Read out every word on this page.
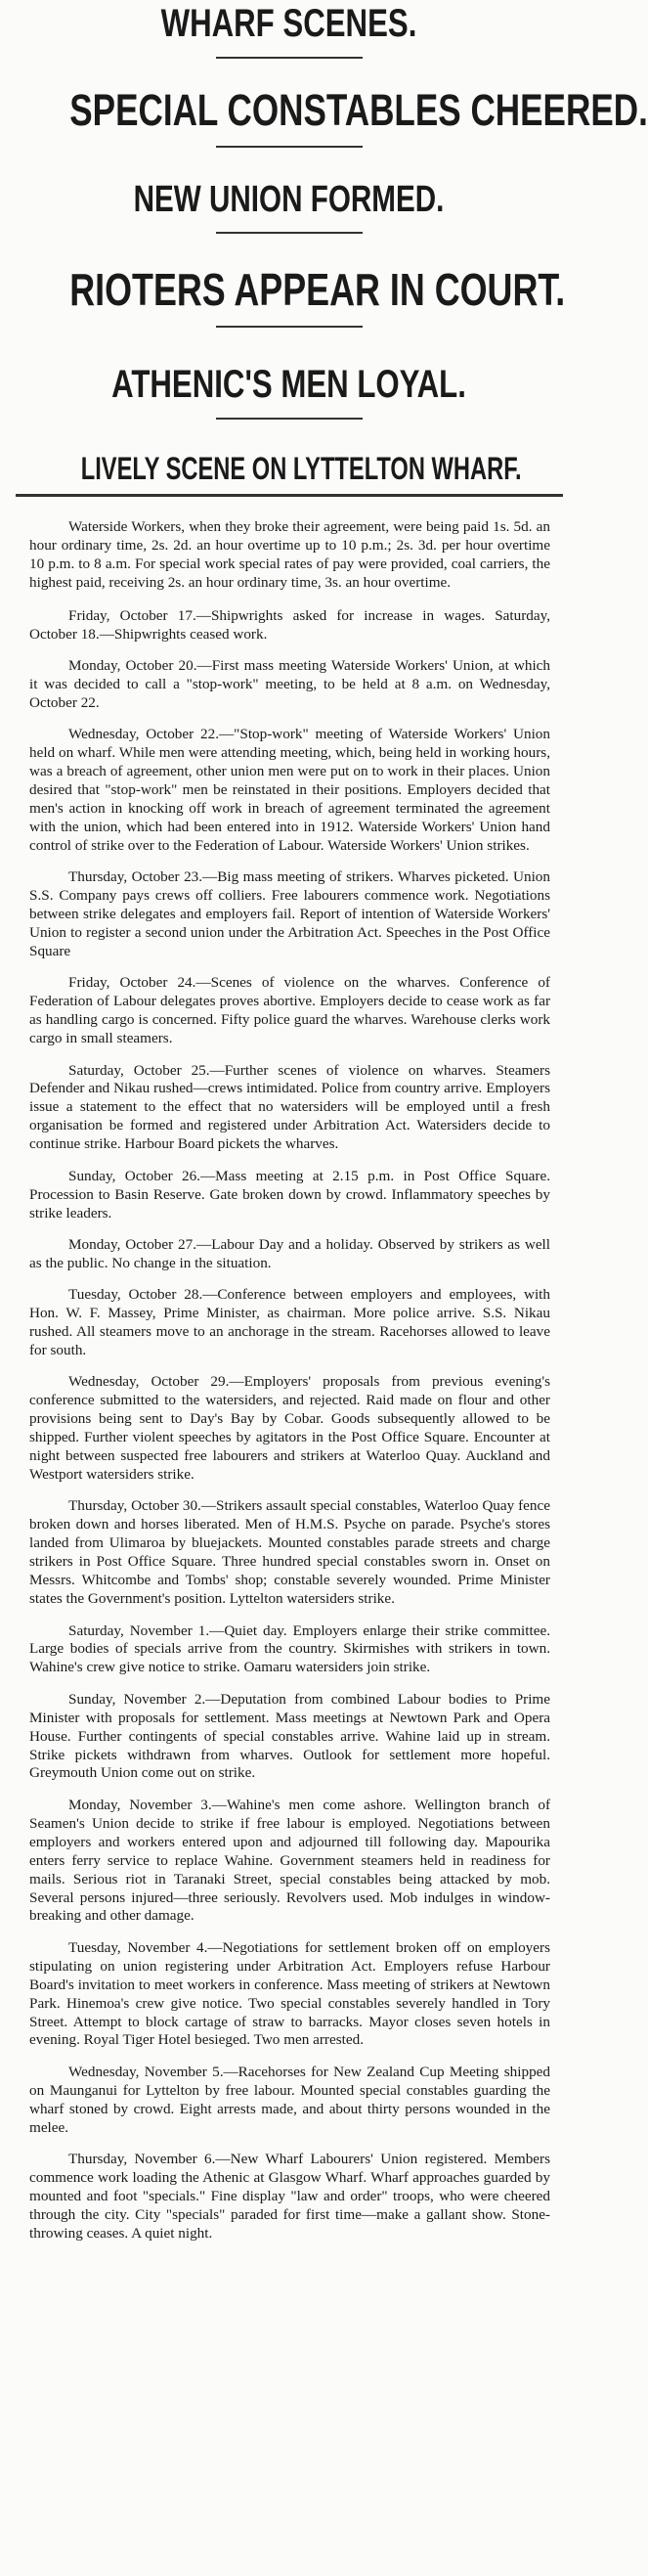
WHARF SCENES.
SPECIAL CONSTABLES CHEERED.
NEW UNION FORMED.
RIOTERS APPEAR IN COURT.
ATHENIC'S MEN LOYAL.
LIVELY SCENE ON LYTTELTON WHARF.

Waterside Workers, when they broke their agreement, were being paid 1s. 5d. an hour ordinary time, 2s. 2d. an hour overtime up to 10 p.m.; 2s. 3d. per hour overtime 10 p.m. to 8 a.m. For special work special rates of pay were provided, coal carriers, the highest paid, receiving 2s. an hour ordinary time, 3s. an hour overtime.

Friday, October 17.—Shipwrights asked for increase in wages. Saturday, October 18.—Shipwrights ceased work.

Monday, October 20.—First mass meeting Waterside Workers' Union, at which it was decided to call a "stop-work" meeting, to be held at 8 a.m. on Wednesday, October 22.

Wednesday, October 22.—"Stop-work" meeting of Waterside Workers' Union held on wharf. While men were attending meeting, which, being held in working hours, was a breach of agreement, other union men were put on to work in their places. Union desired that "stop-work" men be reinstated in their positions. Employers decided that men's action in knocking off work in breach of agreement terminated the agreement with the union, which had been entered into in 1912. Waterside Workers' Union hand control of strike over to the Federation of Labour. Waterside Workers' Union strikes.

Thursday, October 23.—Big mass meeting of strikers. Wharves picketed. Union S.S. Company pays crews off colliers. Free labourers commence work. Negotiations between strike delegates and employers fail. Report of intention of Waterside Workers' Union to register a second union under the Arbitration Act. Speeches in the Post Office Square

Friday, October 24.—Scenes of violence on the wharves. Conference of Federation of Labour delegates proves abortive. Employers decide to cease work as far as handling cargo is concerned. Fifty police guard the wharves. Warehouse clerks work cargo in small steamers.

Saturday, October 25.—Further scenes of violence on wharves. Steamers Defender and Nikau rushed—crews intimidated. Police from country arrive. Employers issue a statement to the effect that no watersiders will be employed until a fresh organisation be formed and registered under Arbitration Act. Watersiders decide to continue strike. Harbour Board pickets the wharves.

Sunday, October 26.—Mass meeting at 2.15 p.m. in Post Office Square. Procession to Basin Reserve. Gate broken down by crowd. Inflammatory speeches by strike leaders.

Monday, October 27.—Labour Day and a holiday. Observed by strikers as well as the public. No change in the situation.

Tuesday, October 28.—Conference between employers and employees, with Hon. W. F. Massey, Prime Minister, as chairman. More police arrive. S.S. Nikau rushed. All steamers move to an anchorage in the stream. Racehorses allowed to leave for south.

Wednesday, October 29.—Employers' proposals from previous evening's conference submitted to the watersiders, and rejected. Raid made on flour and other provisions being sent to Day's Bay by Cobar. Goods subsequently allowed to be shipped. Further violent speeches by agitators in the Post Office Square. Encounter at night between suspected free labourers and strikers at Waterloo Quay. Auckland and Westport watersiders strike.

Thursday, October 30.—Strikers assault special constables, Waterloo Quay fence broken down and horses liberated. Men of H.M.S. Psyche on parade. Psyche's stores landed from Ulimaroa by bluejackets. Mounted constables parade streets and charge strikers in Post Office Square. Three hundred special constables sworn in. Onset on Messrs. Whitcombe and Tombs' shop; constable severely wounded. Prime Minister states the Government's position. Lyttelton watersiders strike.

Saturday, November 1.—Quiet day. Employers enlarge their strike committee. Large bodies of specials arrive from the country. Skirmishes with strikers in town. Wahine's crew give notice to strike. Oamaru watersiders join strike.

Sunday, November 2.—Deputation from combined Labour bodies to Prime Minister with proposals for settlement. Mass meetings at Newtown Park and Opera House. Further contingents of special constables arrive. Wahine laid up in stream. Strike pickets withdrawn from wharves. Outlook for settlement more hopeful. Greymouth Union come out on strike.

Monday, November 3.—Wahine's men come ashore. Wellington branch of Seamen's Union decide to strike if free labour is employed. Negotiations between employers and workers entered upon and adjourned till following day. Mapourika enters ferry service to replace Wahine. Government steamers held in readiness for mails. Serious riot in Taranaki Street, special constables being attacked by mob. Several persons injured—three seriously. Revolvers used. Mob indulges in window-breaking and other damage.

Tuesday, November 4.—Negotiations for settlement broken off on employers stipulating on union registering under Arbitration Act. Employers refuse Harbour Board's invitation to meet workers in conference. Mass meeting of strikers at Newtown Park. Hinemoa's crew give notice. Two special constables severely handled in Tory Street. Attempt to block cartage of straw to barracks. Mayor closes seven hotels in evening. Royal Tiger Hotel besieged. Two men arrested.

Wednesday, November 5.—Racehorses for New Zealand Cup Meeting shipped on Maunganui for Lyttelton by free labour. Mounted special constables guarding the wharf stoned by crowd. Eight arrests made, and about thirty persons wounded in the melee.

Thursday, November 6.—New Wharf Labourers' Union registered. Members commence work loading the Athenic at Glasgow Wharf. Wharf approaches guarded by mounted and foot "specials." Fine display "law and order" troops, who were cheered through the city. City "specials" paraded for first time—make a gallant show. Stone-throwing ceases. A quiet night.
